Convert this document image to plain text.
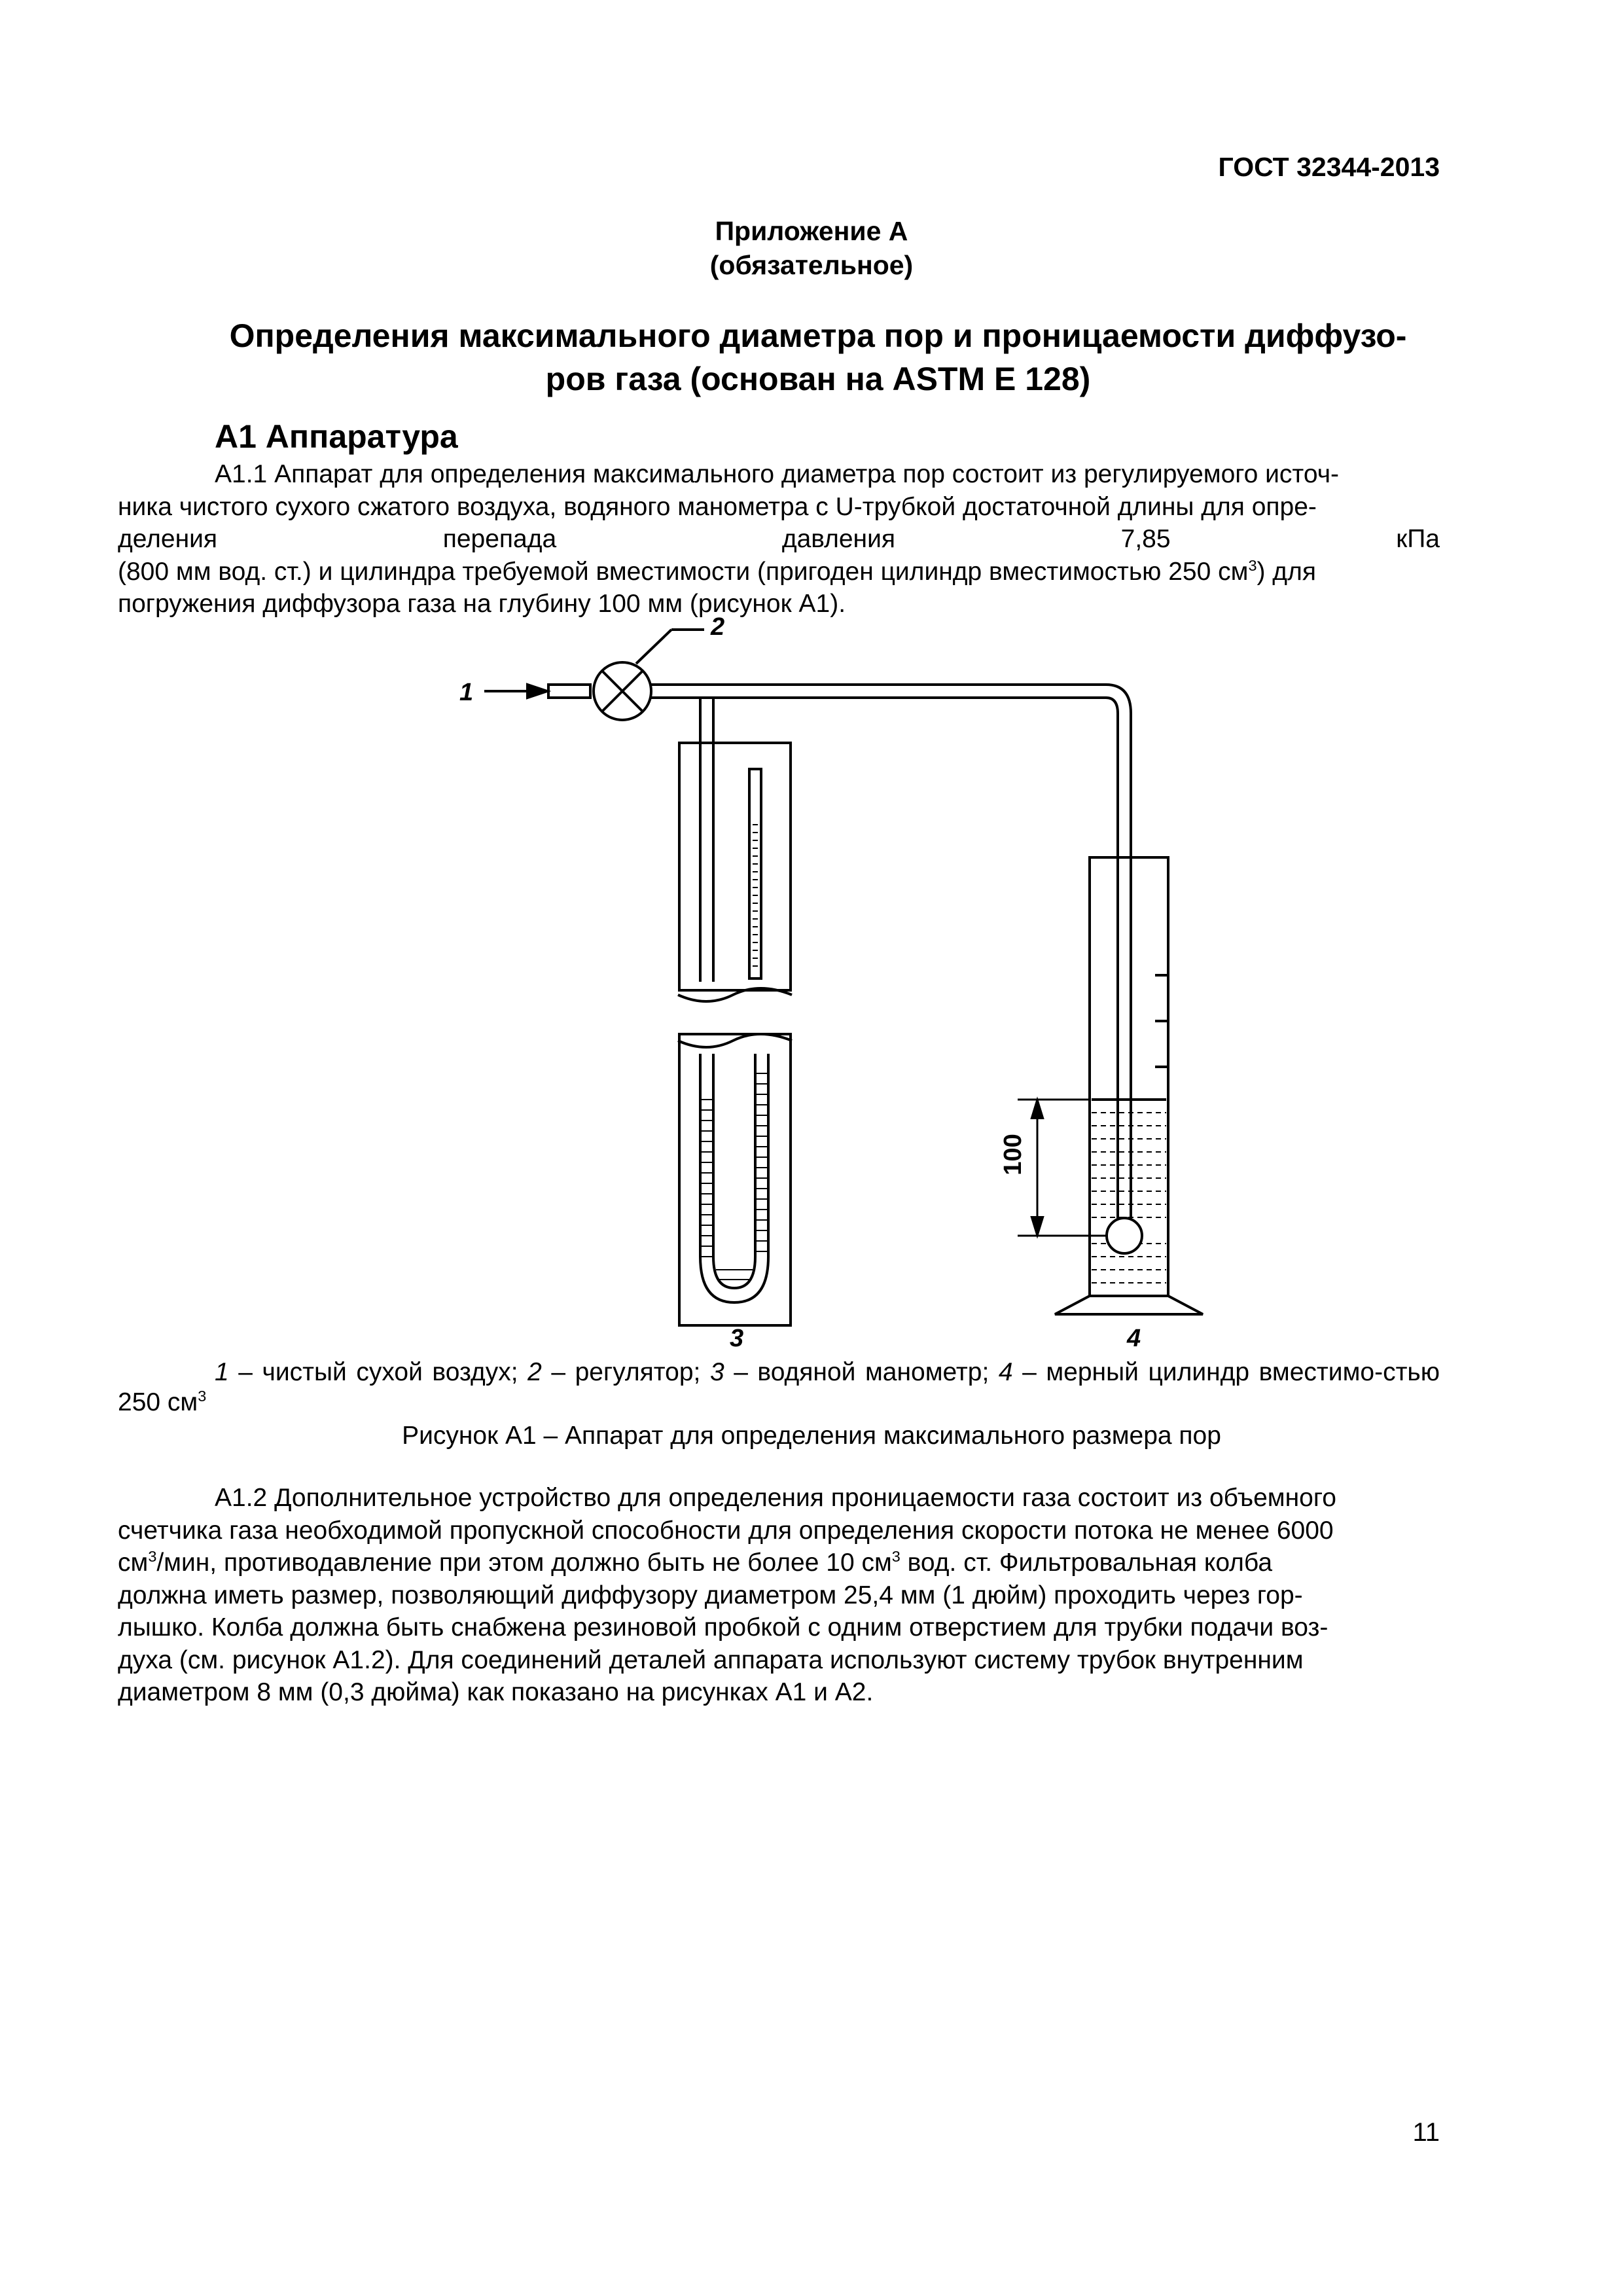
ГОСТ 32344-2013
Приложение А
(обязательное)
Определения максимального диаметра пор и проницаемости диффузо-
ров газа (основан на ASTM E 128)
А1 Аппаратура
А1.1 Аппарат для определения максимального диаметра пор состоит из регулируемого источ-
ника чистого сухого сжатого воздуха, водяного манометра с U-трубкой достаточной длины для опре-
деления	перепада	давления	7,85	кПа
(800 мм вод. ст.) и цилиндра требуемой вместимости (пригоден цилиндр вместимостью 250 $см^3$) для
погружения диффузора газа на глубину 100 мм (рисунок А1).
100
1
2
3	4
1 – чистый сухой воздух; 2 – регулятор; 3 – водяной манометр; 4 – мерный цилиндр вместимо-стью 250 $см^3$
Рисунок А1 – Аппарат для определения максимального размера пор
А1.2 Дополнительное устройство для определения проницаемости газа состоит из объемного
счетчика газа необходимой пропускной способности для определения скорости потока не менее 6000
$см^3$/мин, противодавление при этом должно быть не более 10 $см^3$ вод. ст. Фильтровальная колба
должна иметь размер, позволяющий диффузору диаметром 25,4 мм (1 дюйм) проходить через гор-
лышко. Колба должна быть снабжена резиновой пробкой с одним отверстием для трубки подачи воз-
духа (см. рисунок А1.2). Для соединений деталей аппарата используют систему трубок внутренним
диаметром 8 мм (0,3 дюйма) как показано на рисунках А1 и А2.
11
